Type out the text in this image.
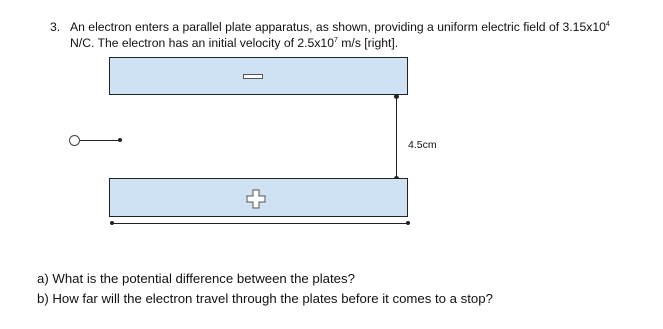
3. An electron enters a parallel plate apparatus, as shown, providing a uniform electric field of $3.15x10^4$
N/C. The electron has an initial velocity of $2.5x10^7$ m/s [right].
4.5cm
a) What is the potential difference between the plates?
b) How far will the electron travel through the plates before it comes to a stop?
